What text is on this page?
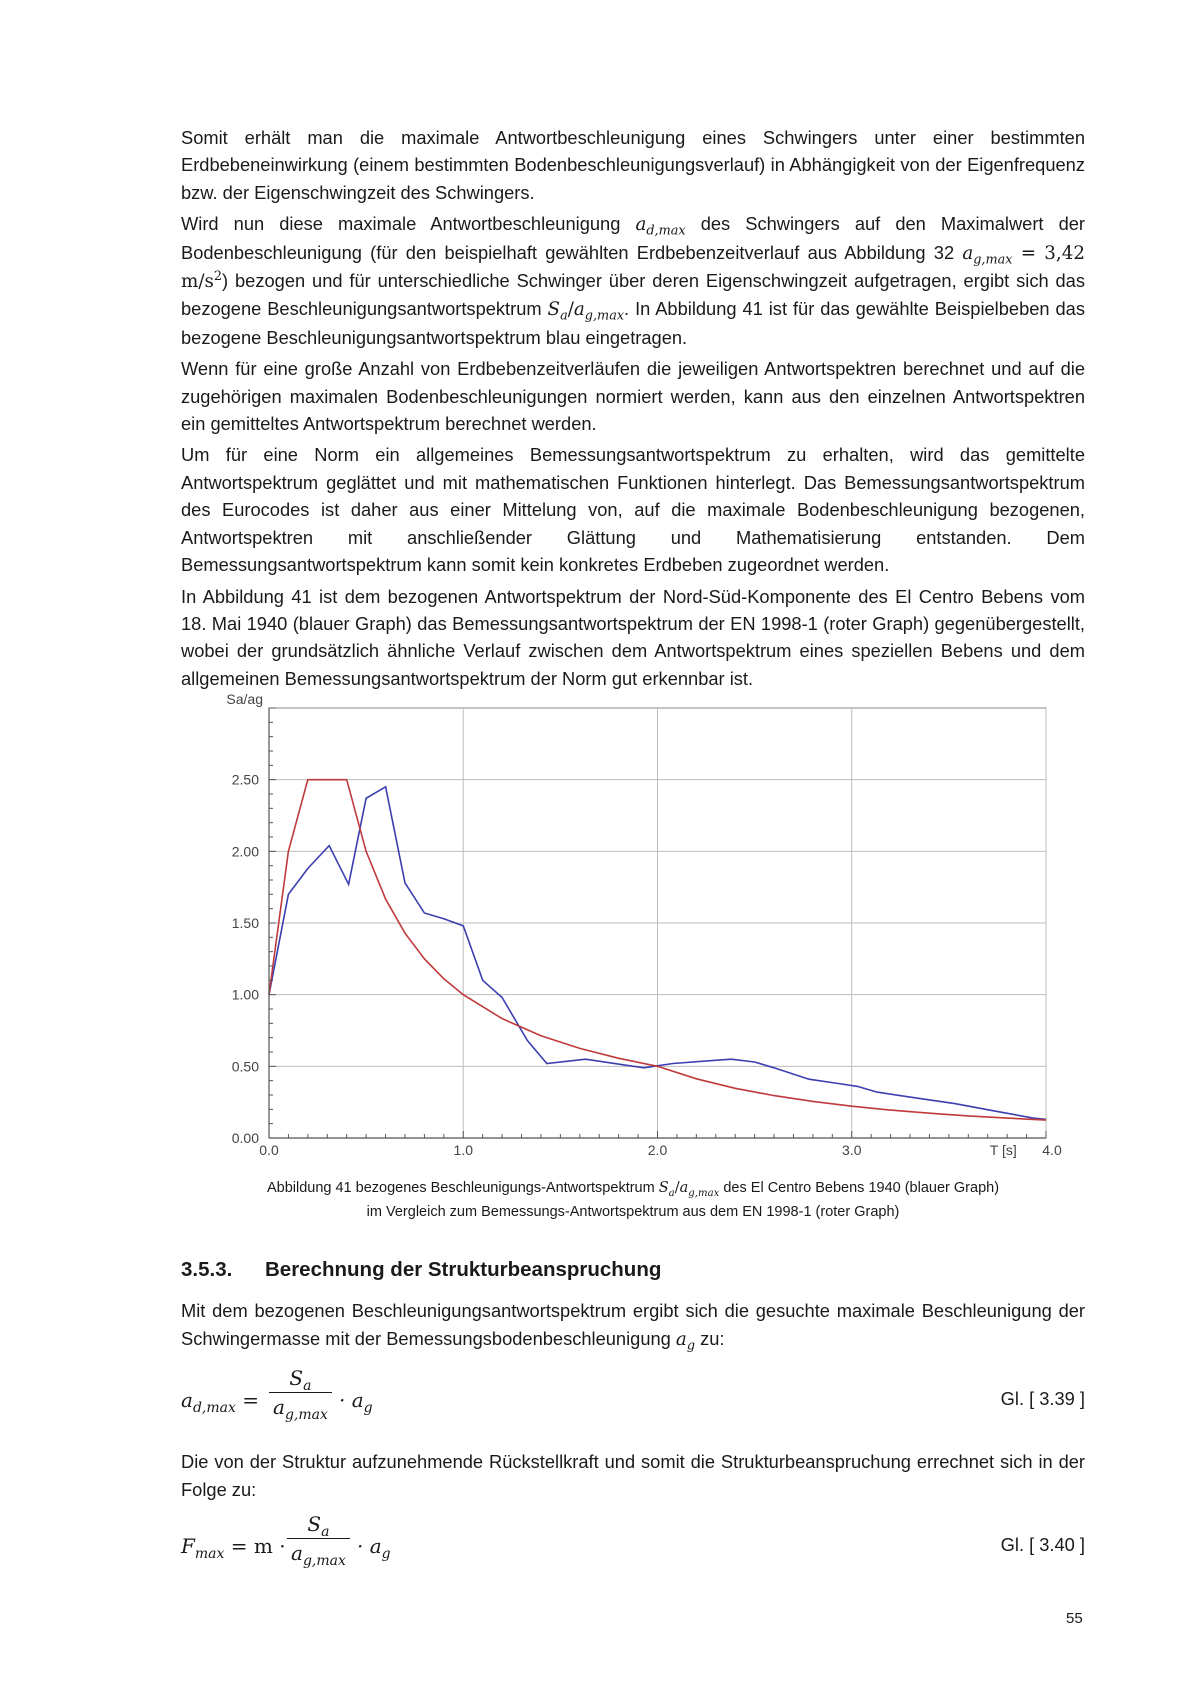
Somit erhält man die maximale Antwortbeschleunigung eines Schwingers unter einer bestimmten Erdbebeneinwirkung (einem bestimmten Bodenbeschleunigungsverlauf) in Abhängigkeit von der Eigenfrequenz bzw. der Eigenschwingzeit des Schwingers.

Wird nun diese maximale Antwortbeschleunigung $a_{d,max}$ des Schwingers auf den Maximalwert der Bodenbeschleunigung (für den beispielhaft gewählten Erdbebenzeitverlauf aus Abbildung 32 $a_{g,max} = 3,42$ $m/s^2$) bezogen und für unterschiedliche Schwinger über deren Eigenschwingzeit aufgetragen, ergibt sich das bezogene Beschleunigungsantwortspektrum $S_a/a_{g,max}$. In Abbildung 41 ist für das gewählte Beispielbeben das bezogene Beschleunigungsantwortspektrum blau eingetragen.

Wenn für eine große Anzahl von Erdbebenzeitverläufen die jeweiligen Antwortspektren berechnet und auf die zugehörigen maximalen Bodenbeschleunigungen normiert werden, kann aus den einzelnen Antwortspektren ein gemitteltes Antwortspektrum berechnet werden.

Um für eine Norm ein allgemeines Bemessungsantwortspektrum zu erhalten, wird das gemittelte Antwortspektrum geglättet und mit mathematischen Funktionen hinterlegt. Das Bemessungsantwortspektrum des Eurocodes ist daher aus einer Mittelung von, auf die maximale Bodenbeschleunigung bezogenen, Antwortspektren mit anschließender Glättung und Mathematisierung entstanden. Dem Bemessungsantwortspektrum kann somit kein konkretes Erdbeben zugeordnet werden.

In Abbildung 41 ist dem bezogenen Antwortspektrum der Nord-Süd-Komponente des El Centro Bebens vom 18. Mai 1940 (blauer Graph) das Bemessungsantwortspektrum der EN 1998-1 (roter Graph) gegenübergestellt, wobei der grundsätzlich ähnliche Verlauf zwischen dem Antwortspektrum eines speziellen Bebens und dem allgemeinen Bemessungsantwortspektrum der Norm gut erkennbar ist.

0.00
0.50
1.00
1.50
2.00
2.50
0.0	1.0	2.0	3.0	4.0
Sa/ag
T [s]
Abbildung 41 bezogenes Beschleunigungs-Antwortspektrum $S_a/a_{g,max}$ des El Centro Bebens 1940 (blauer Graph)
im Vergleich zum Bemessungs-Antwortspektrum aus dem EN 1998-1 (roter Graph)
3.5.3. Berechnung der Strukturbeanspruchung

Mit dem bezogenen Beschleunigungsantwortspektrum ergibt sich die gesuchte maximale Beschleunigung der Schwingermasse mit der Bemessungsbodenbeschleunigung $a_g$ zu:

$a_{d,max}$ =
$S_a$
$a_{g,max}$
· $a_g$	Gl. [ 3.39 ]

Die von der Struktur aufzunehmende Rückstellkraft und somit die Strukturbeanspruchung errechnet sich in der Folge zu:

$F_{max} = m$ ·
$S_a$
$a_{g,max}$
· $a_g$	Gl. [ 3.40 ]
55
